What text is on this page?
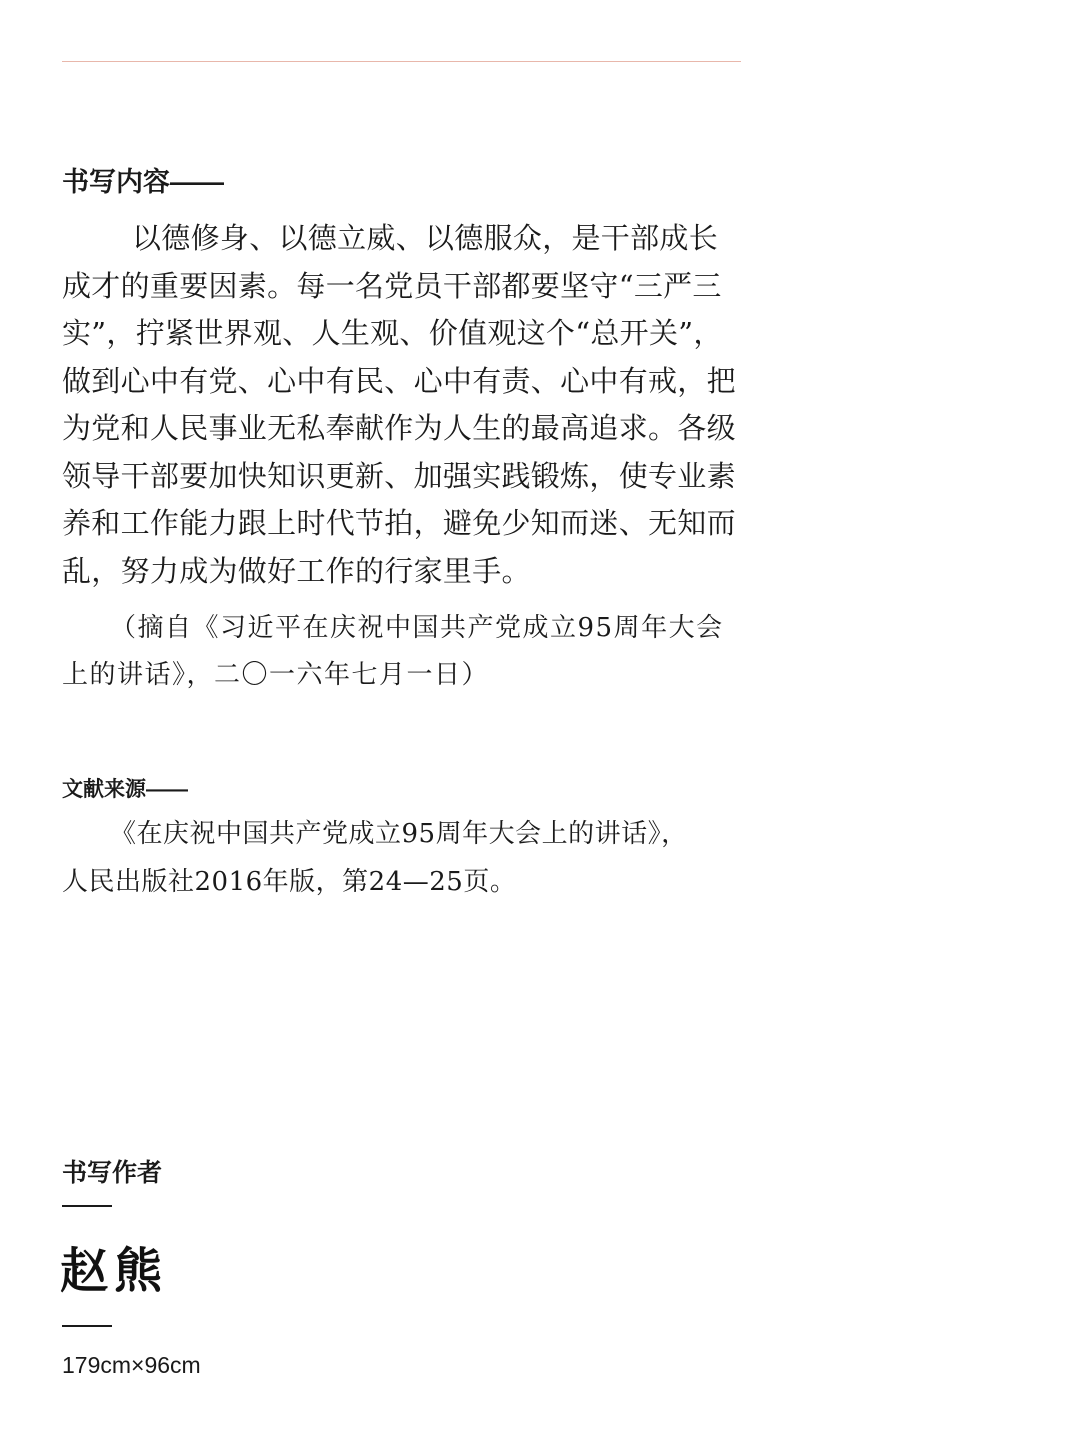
书写内容——

以德修身、以德立威、以德服众，是干部成长成才的重要因素。每一名党员干部都要坚守“三严三实”，拧紧世界观、人生观、价值观这个“总开关”，做到心中有党、心中有民、心中有责、心中有戒，把为党和人民事业无私奉献作为人生的最高追求。各级领导干部要加快知识更新、加强实践锻炼，使专业素养和工作能力跟上时代节拍，避免少知而迷、无知而乱，努力成为做好工作的行家里手。

（摘自《习近平在庆祝中国共产党成立95周年大会上的讲话》，二〇一六年七月一日）

文献来源——

《在庆祝中国共产党成立95周年大会上的讲话》，
人民出版社2016年版，第24—25页。

书写作者
赵熊
179cm×96cm
